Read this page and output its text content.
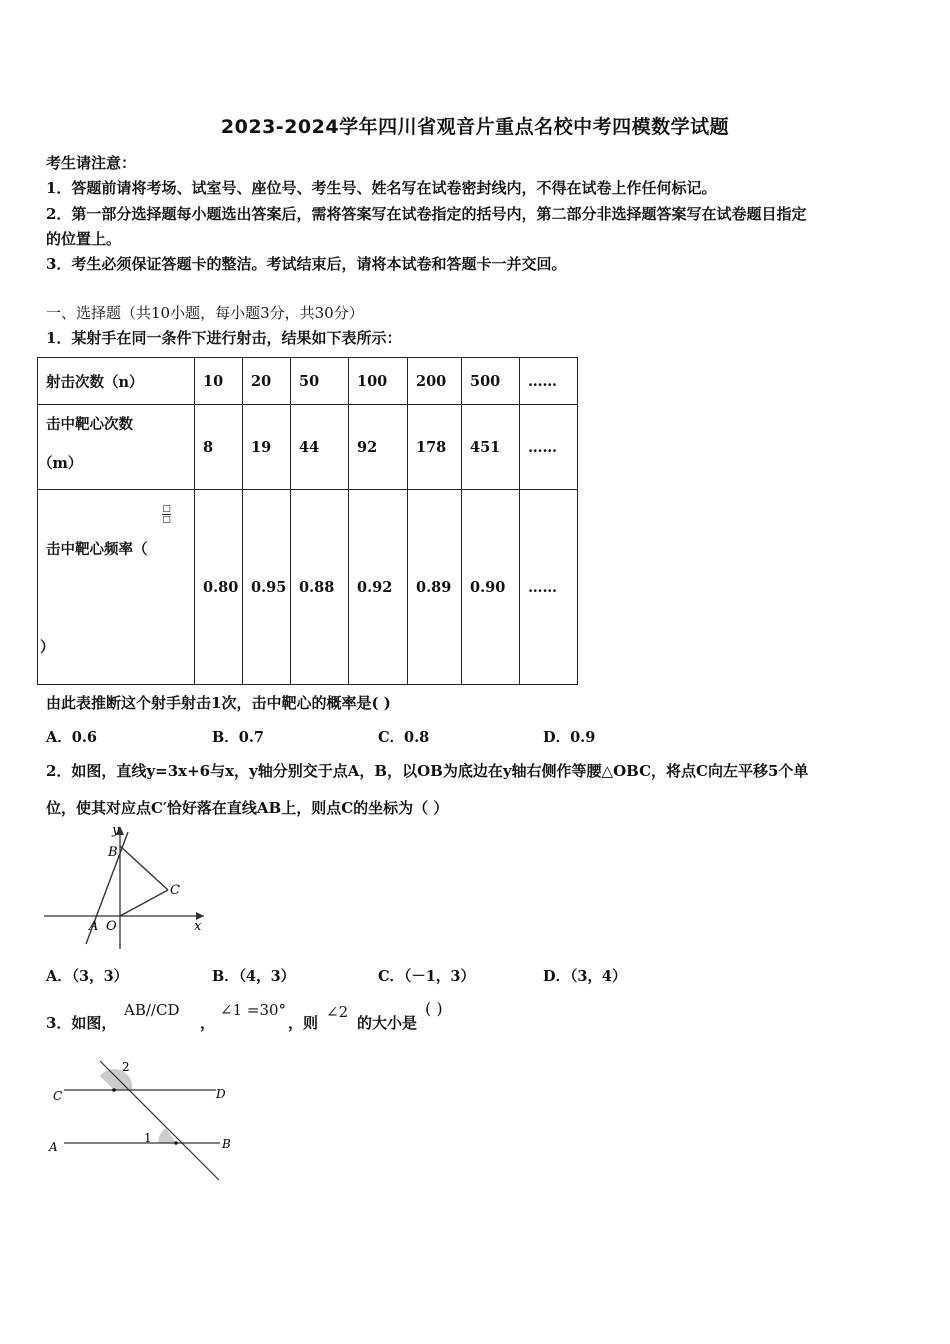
2023-2024学年四川省观音片重点名校中考四模数学试题
考生请注意：
1．答题前请将考场、试室号、座位号、考生号、姓名写在试卷密封线内，不得在试卷上作任何标记。
2．第一部分选择题每小题选出答案后，需将答案写在试卷指定的括号内，第二部分非选择题答案写在试卷题目指定
的位置上。
3．考生必须保证答题卡的整洁。考试结束后，请将本试卷和答题卡一并交回。
一、选择题（共10小题，每小题3分，共30分）
1．某射手在同一条件下进行射击，结果如下表所示：
射击次数（n）	10	20	50	100	200	500	……

击中靶心次数
（m）	8	19	44	92	178	451	……

击中靶心频率（
□
□
）	0.80	0.95	0.88	0.92	0.89	0.90	……
由此表推断这个射手射击1次，击中靶心的概率是( )
A．0.6	B．0.7	C．0.8	D．0.9
2．如图，直线y=3x+6与x，y轴分别交于点A，B，以OB为底边在y轴右侧作等腰△OBC，将点C向左平移5个单
位，使其对应点C′恰好落在直线AB上，则点C的坐标为（ ）
y
B
C
A O	x
A．（3，3）	B．（4，3）	C．（－1，3）	D．（3，4）
3．如图，
AB//CD
，
∠1 =30°
，则
∠2
的大小是
( )
C	D
A	B
1
2
